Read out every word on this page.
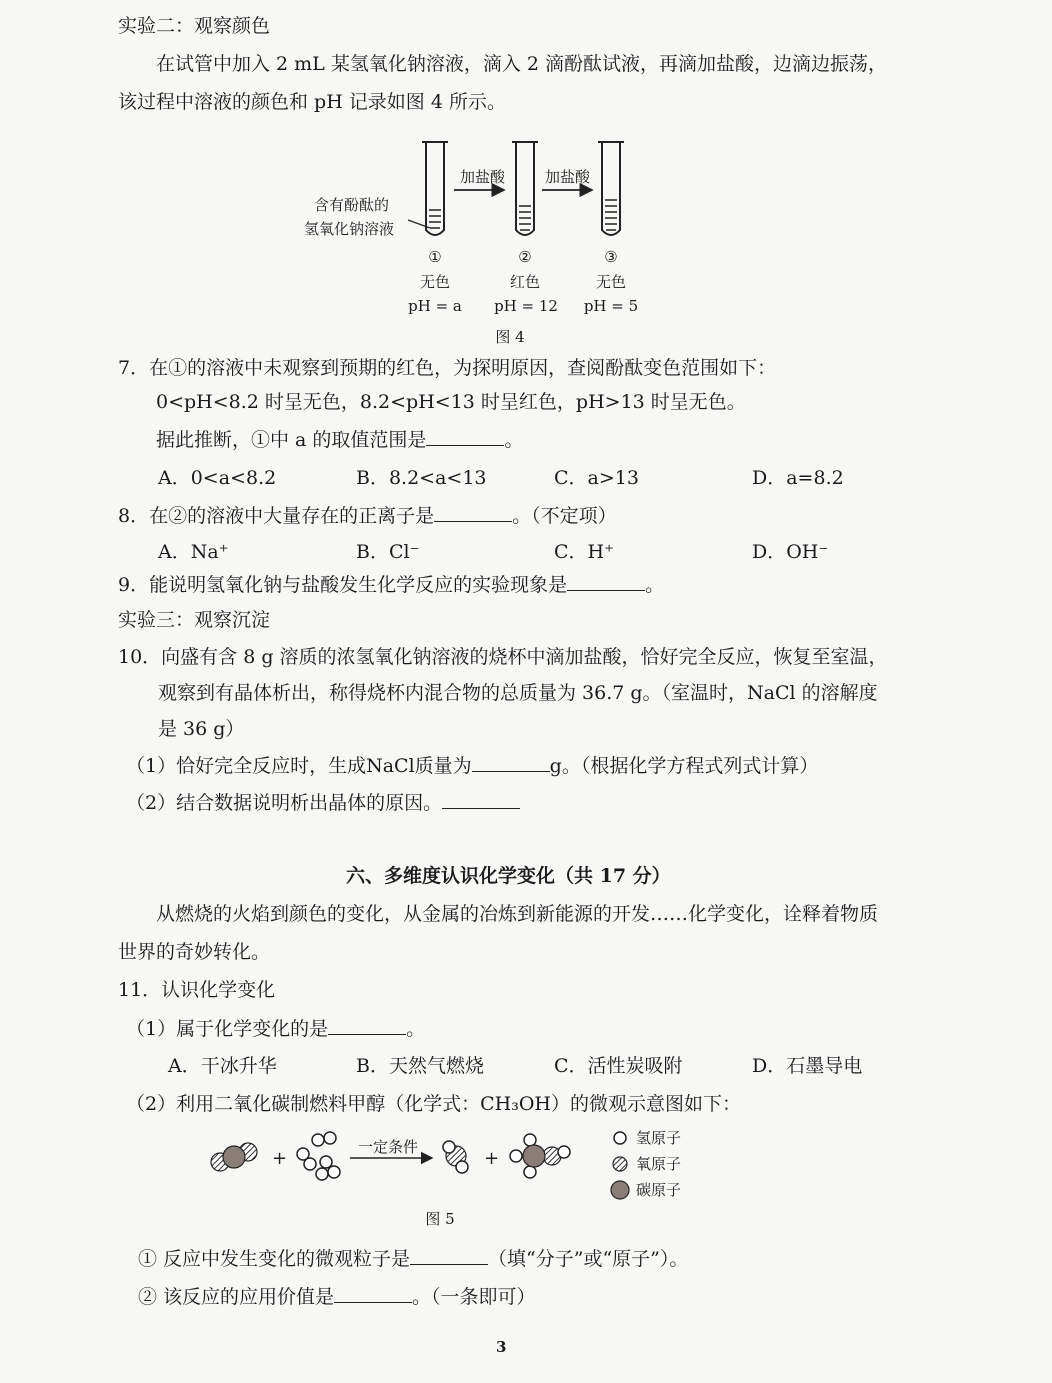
实验二：观察颜色
在试管中加入 2 mL 某氢氧化钠溶液，滴入 2 滴酚酞试液，再滴加盐酸，边滴边振荡，
该过程中溶液的颜色和 pH 记录如图 4 所示。
加盐酸	加盐酸
含有酚酞的
氢氧化钠溶液
①
无色
pH = a
②
红色
pH = 12
③
无色
pH = 5
图 4
7．在①的溶液中未观察到预期的红色，为探明原因，查阅酚酞变色范围如下：
0<pH<8.2 时呈无色，8.2<pH<13 时呈红色，pH>13 时呈无色。
据此推断，①中 a 的取值范围是	。
A．0<a<8.2	B．8.2<a<13	C．a>13	D．a=8.2
8．在②的溶液中大量存在的正离子是	。（不定项）
A．Na⁺	B．Cl⁻	C．H⁺	D．OH⁻
9．能说明氢氧化钠与盐酸发生化学反应的实验现象是	。
实验三：观察沉淀
10．向盛有含 8 g 溶质的浓氢氧化钠溶液的烧杯中滴加盐酸，恰好完全反应，恢复至室温，
观察到有晶体析出，称得烧杯内混合物的总质量为 36.7 g。（室温时，NaCl 的溶解度
是 36 g）
（1）恰好完全反应时，生成NaCl质量为	g。（根据化学方程式列式计算）
（2）结合数据说明析出晶体的原因。
六、多维度认识化学变化（共 17 分）
从燃烧的火焰到颜色的变化，从金属的冶炼到新能源的开发……化学变化，诠释着物质
世界的奇妙转化。
11．认识化学变化
（1）属于化学变化的是	。
A．干冰升华	B．天然气燃烧	C．活性炭吸附	D．石墨导电
（2）利用二氧化碳制燃料甲醇（化学式：CH₃OH）的微观示意图如下：
+	+
一定条件	氢原子
氧原子
碳原子
图 5
① 反应中发生变化的微观粒子是	（填“分子”或“原子”）。
② 该反应的应用价值是	。（一条即可）
3
